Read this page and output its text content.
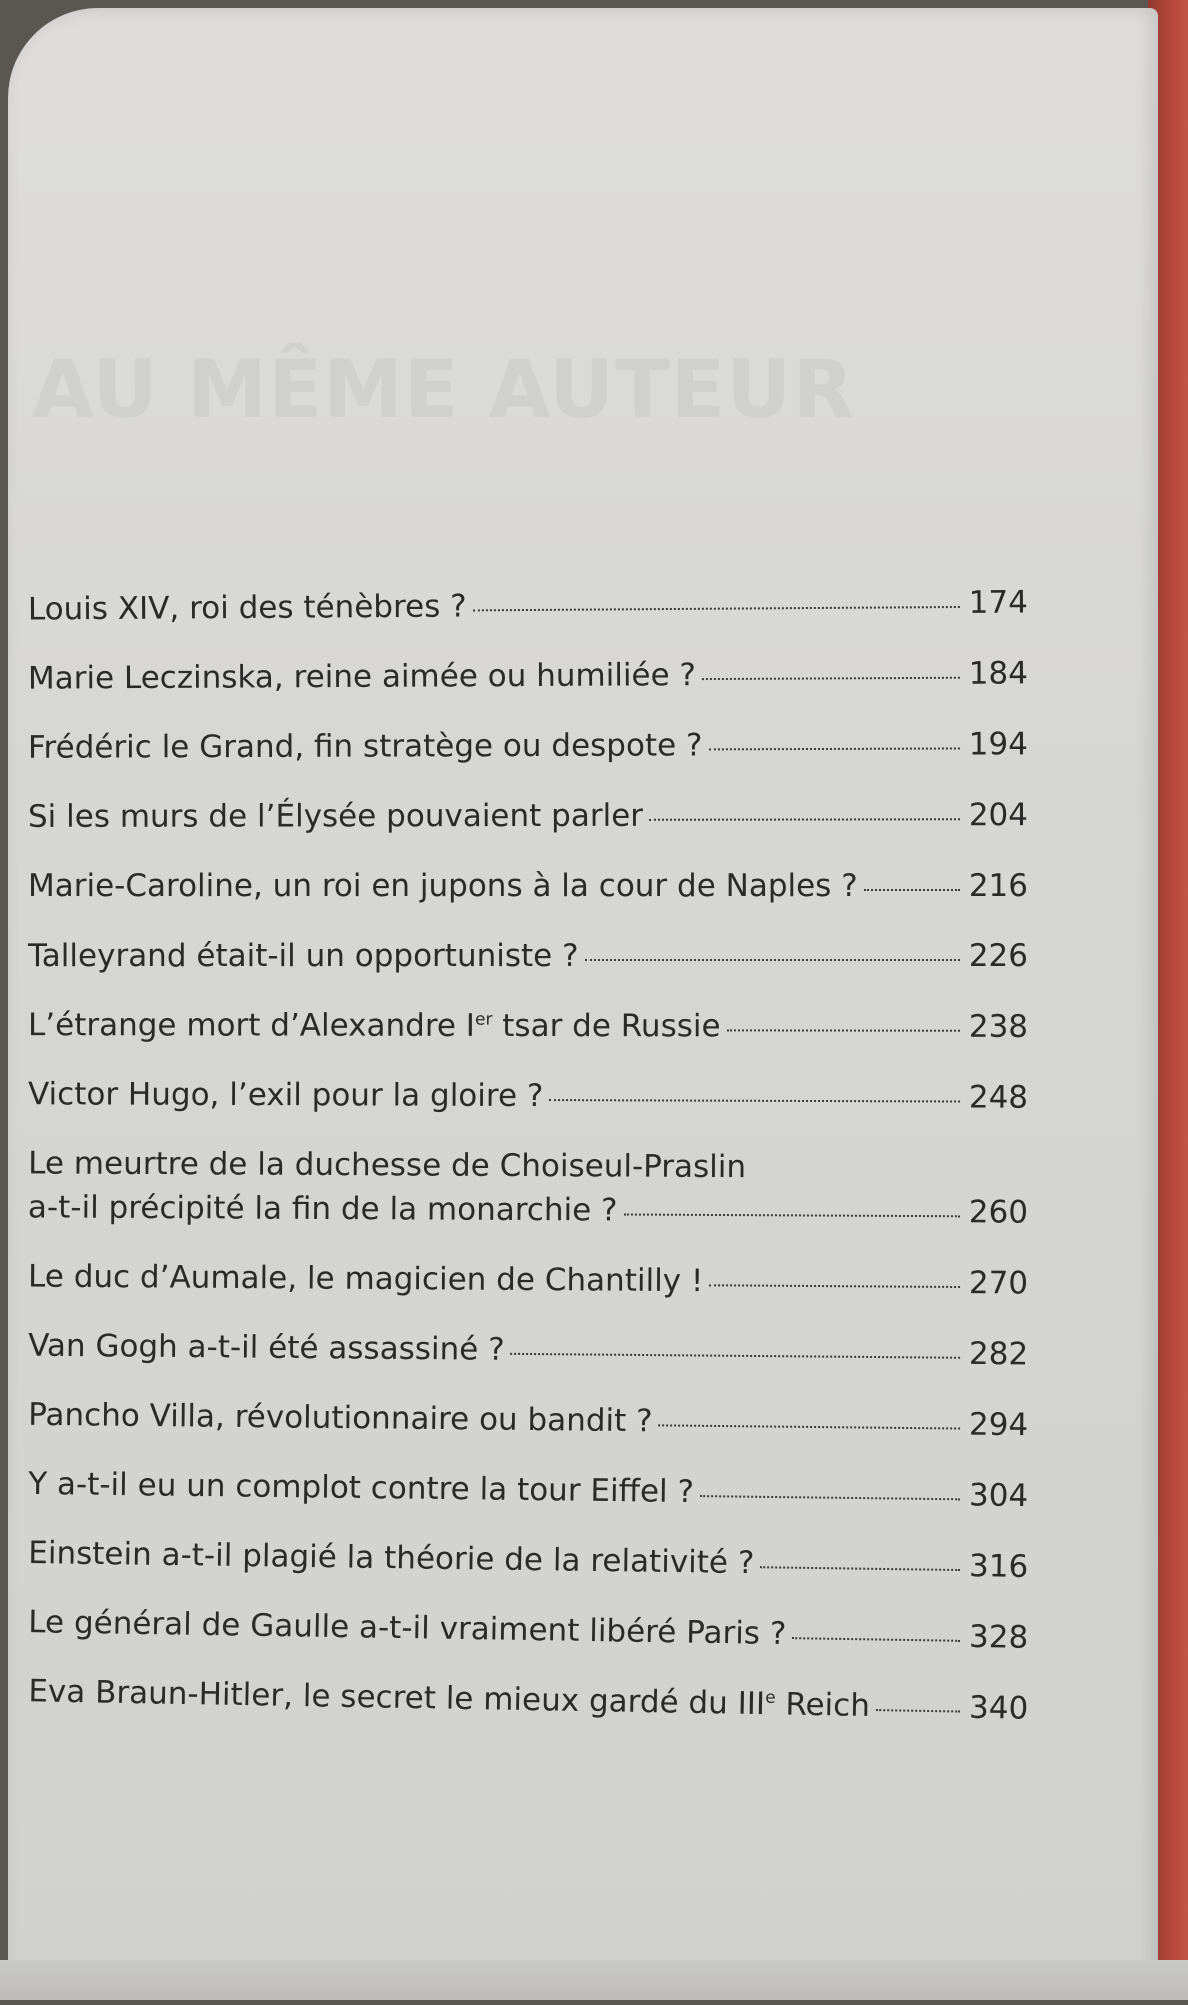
AU MÊME AUTEUR
Louis XIV, roi des ténèbres ?	174
Marie Leczinska, reine aimée ou humiliée ?	184
Frédéric le Grand, fin stratège ou despote ?	194
Si les murs de l’Élysée pouvaient parler	204
Marie-Caroline, un roi en jupons à la cour de Naples ?	216
Talleyrand était-il un opportuniste ?	226
L’étrange mort d’Alexandre Ier tsar de Russie	238
Victor Hugo, l’exil pour la gloire ?	248
Le meurtre de la duchesse de Choiseul-Praslin
a-t-il précipité la fin de la monarchie ?	260
Le duc d’Aumale, le magicien de Chantilly !	270
Van Gogh a-t-il été assassiné ?	282
Pancho Villa, révolutionnaire ou bandit ?	294
Y a-t-il eu un complot contre la tour Eiffel ?	304
Einstein a-t-il plagié la théorie de la relativité ?	316
Le général de Gaulle a-t-il vraiment libéré Paris ?	328
Eva Braun-Hitler, le secret le mieux gardé du IIIe Reich	340
